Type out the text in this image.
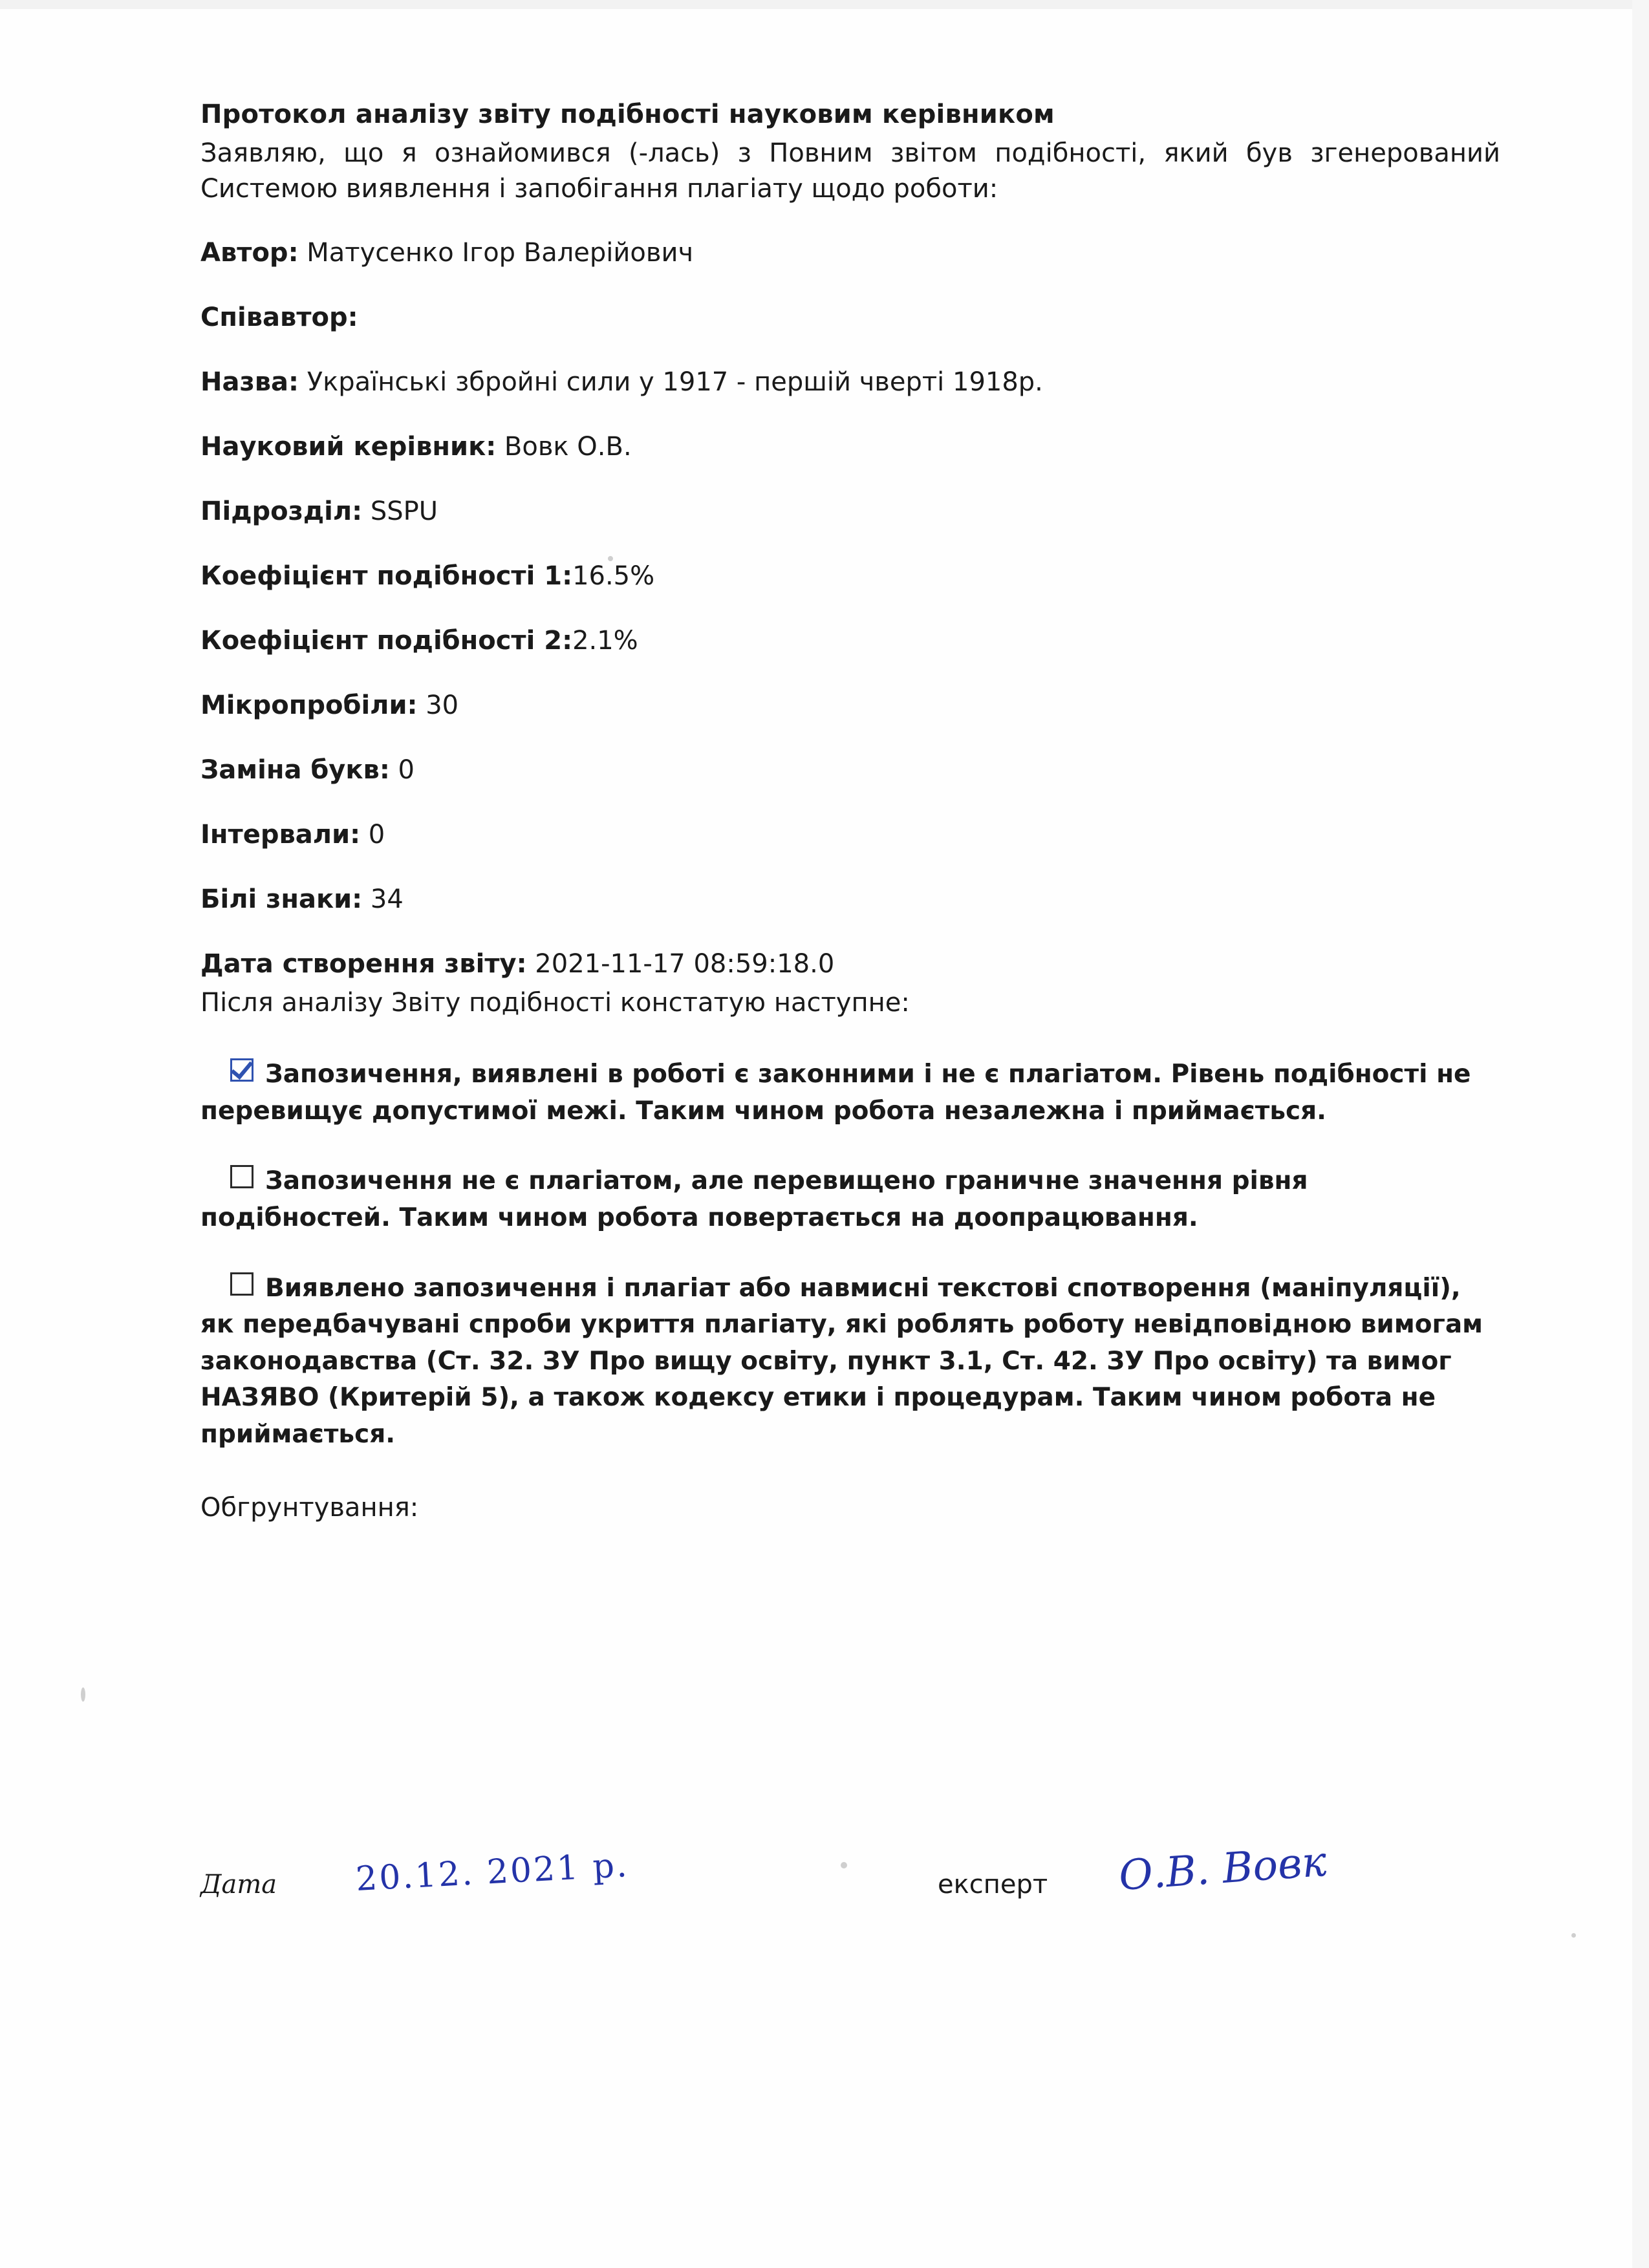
Протокол аналізу звіту подібності науковим керівником

Заявляю, що я ознайомився (-лась) з Повним звітом подібності, який був згенерований Системою виявлення і запобігання плагіату щодо роботи:

Автор: Матусенко Ігор Валерійович

Співавтор:

Назва: Українські збройні сили у 1917 - першій чверті 1918р.

Науковий керівник: Вовк О.В.

Підрозділ: SSPU

Коефіцієнт подібності 1:16.5%

Коефіцієнт подібності 2:2.1%

Мікропробіли: 30

Заміна букв: 0

Інтервали: 0

Білі знаки: 34

Дата створення звіту: 2021-11-17 08:59:18.0

Після аналізу Звіту подібності констатую наступне:

Запозичення, виявлені в роботі є законними і не є плагіатом. Рівень подібності не перевищує допустимої межі. Таким чином робота незалежна і приймається.

Запозичення не є плагіатом, але перевищено граничне значення рівня подібностей. Таким чином робота повертається на доопрацювання.

Виявлено запозичення і плагіат або навмисні текстові спотворення (маніпуляції), як передбачувані спроби укриття плагіату, які роблять роботу невідповідною вимогам законодавства (Ст. 32. ЗУ Про вищу освіту, пункт 3.1, Ст. 42. ЗУ Про освіту) та вимог НАЗЯВО (Критерій 5), а також кодексу етики і процедурам. Таким чином робота не приймається.

Обгрунтування:

Дата 20.12. 2021 р.	експерт О.В. Вовк
